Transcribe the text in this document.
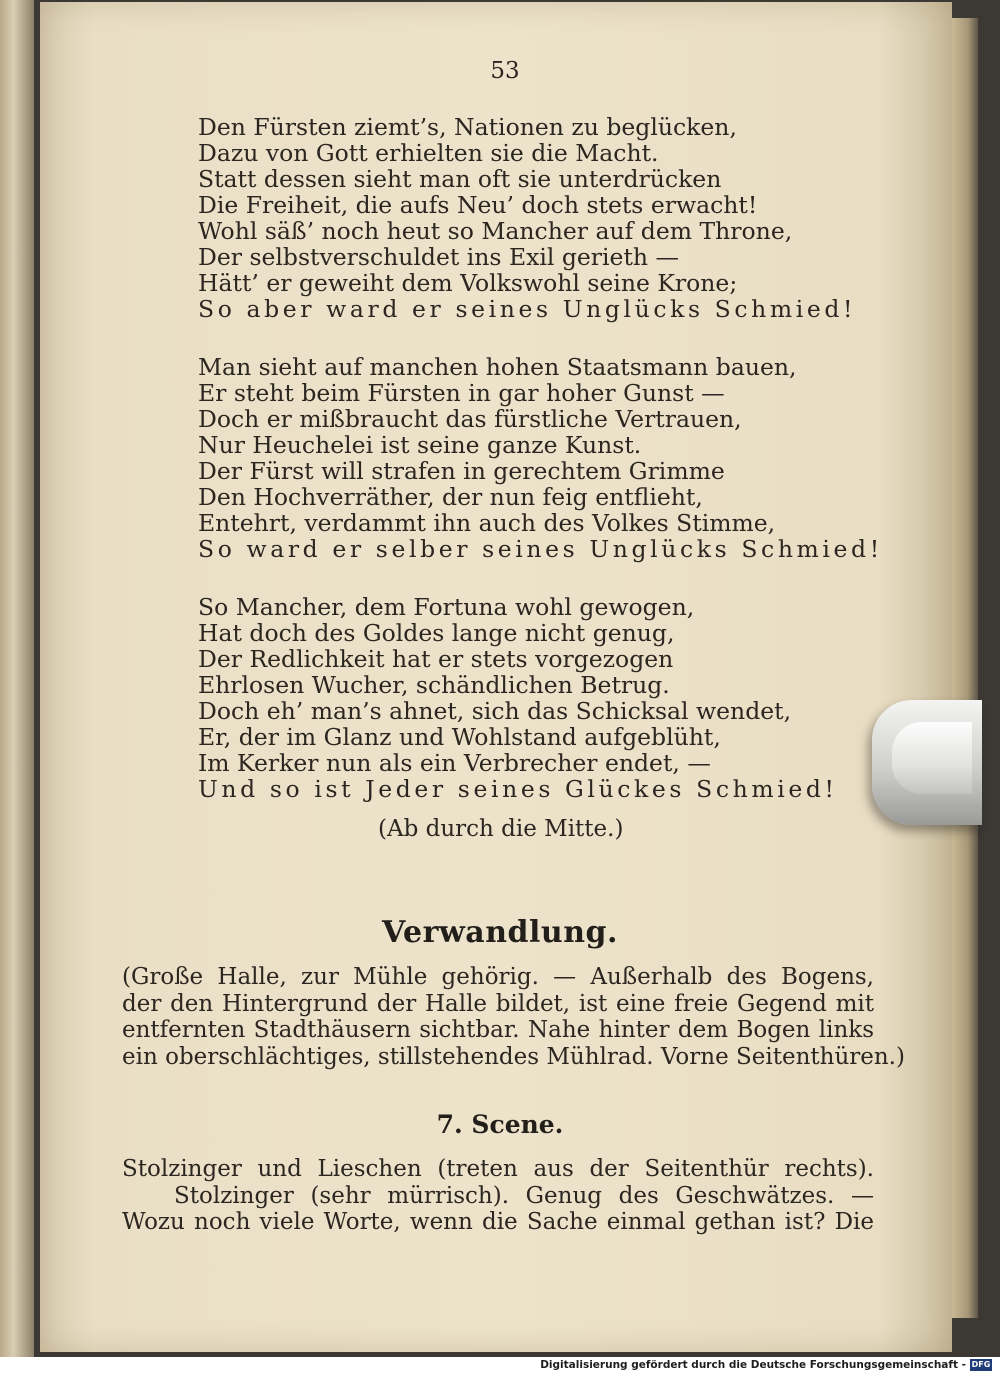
53
Den Fürsten ziemt’s, Nationen zu beglücken,
Dazu von Gott erhielten sie die Macht.
Statt dessen sieht man oft sie unterdrücken
Die Freiheit, die aufs Neu’ doch stets erwacht!
Wohl säß’ noch heut so Mancher auf dem Throne,
Der selbstverschuldet ins Exil gerieth —
Hätt’ er geweiht dem Volkswohl seine Krone;
So aber ward er seines Unglücks Schmied!
Man sieht auf manchen hohen Staatsmann bauen,
Er steht beim Fürsten in gar hoher Gunst —
Doch er mißbraucht das fürstliche Vertrauen,
Nur Heuchelei ist seine ganze Kunst.
Der Fürst will strafen in gerechtem Grimme
Den Hochverräther, der nun feig entflieht,
Entehrt, verdammt ihn auch des Volkes Stimme,
So ward er selber seines Unglücks Schmied!
So Mancher, dem Fortuna wohl gewogen,
Hat doch des Goldes lange nicht genug,
Der Redlichkeit hat er stets vorgezogen
Ehrlosen Wucher, schändlichen Betrug.
Doch eh’ man’s ahnet, sich das Schicksal wendet,
Er, der im Glanz und Wohlstand aufgeblüht,
Im Kerker nun als ein Verbrecher endet, —
Und so ist Jeder seines Glückes Schmied!
(Ab durch die Mitte.)
Verwandlung.
(Große Halle, zur Mühle gehörig. — Außerhalb des Bogens,
der den Hintergrund der Halle bildet, ist eine freie Gegend mit
entfernten Stadthäusern sichtbar. Nahe hinter dem Bogen links
ein oberschlächtiges, stillstehendes Mühlrad. Vorne Seitenthüren.)
7. Scene.
Stolzinger und Lieschen (treten aus der Seitenthür rechts).
Stolzinger (sehr mürrisch). Genug des Geschwätzes. —
Wozu noch viele Worte, wenn die Sache einmal gethan ist? Die
Digitalisierung gefördert durch die Deutsche Forschungsgemeinschaft - DFG
